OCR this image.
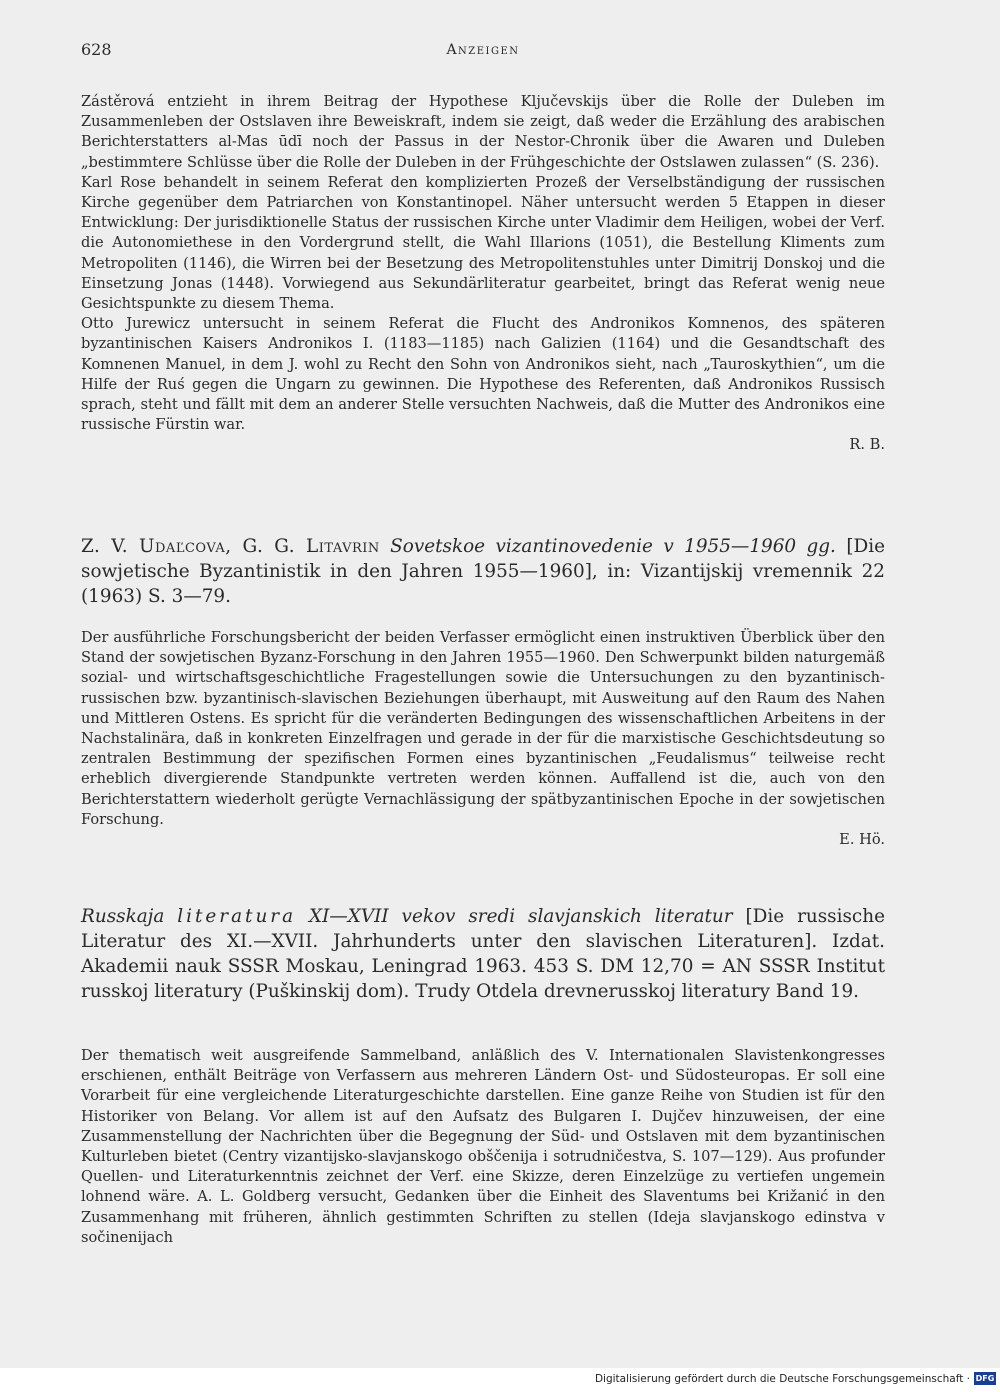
628	Anzeigen

Zástěrová entzieht in ihrem Beitrag der Hypothese Ključevskijs über die Rolle der Duleben im Zusammenleben der Ostslaven ihre Beweiskraft, indem sie zeigt, daß weder die Erzählung des arabischen Berichterstatters al-Mas ūdī noch der Passus in der Nestor-Chronik über die Awaren und Duleben „bestimmtere Schlüsse über die Rolle der Duleben in der Frühgeschichte der Ostslawen zulassen“ (S. 236).

Karl Rose behandelt in seinem Referat den komplizierten Prozeß der Verselbständigung der russischen Kirche gegenüber dem Patriarchen von Konstantinopel. Näher untersucht werden 5 Etappen in dieser Entwicklung: Der jurisdiktionelle Status der russischen Kirche unter Vladimir dem Heiligen, wobei der Verf. die Autonomiethese in den Vordergrund stellt, die Wahl Illarions (1051), die Bestellung Kliments zum Metropoliten (1146), die Wirren bei der Besetzung des Metropolitenstuhles unter Dimitrij Donskoj und die Einsetzung Jonas (1448). Vorwiegend aus Sekundärliteratur gearbeitet, bringt das Referat wenig neue Gesichtspunkte zu diesem Thema.

Otto Jurewicz untersucht in seinem Referat die Flucht des Andronikos Komnenos, des späteren byzantinischen Kaisers Andronikos I. (1183—1185) nach Galizien (1164) und die Gesandtschaft des Komnenen Manuel, in dem J. wohl zu Recht den Sohn von Andronikos sieht, nach „Tauroskythien“, um die Hilfe der Ruś gegen die Ungarn zu gewinnen. Die Hypothese des Referenten, daß Andronikos Russisch sprach, steht und fällt mit dem an anderer Stelle versuchten Nachweis, daß die Mutter des Andronikos eine russische Fürstin war.

R. B.

Z. V. Udaľcova, G. G. Litavrin Sovetskoe vizantinovedenie v 1955—1960 gg. [Die sowjetische Byzantinistik in den Jahren 1955—1960], in: Vizantijskij vremennik 22 (1963) S. 3—79.

Der ausführliche Forschungsbericht der beiden Verfasser ermöglicht einen instruktiven Überblick über den Stand der sowjetischen Byzanz-Forschung in den Jahren 1955—1960. Den Schwerpunkt bilden naturgemäß sozial- und wirtschaftsgeschichtliche Fragestellungen sowie die Untersuchungen zu den byzantinisch-russischen bzw. byzantinisch-slavischen Beziehungen überhaupt, mit Ausweitung auf den Raum des Nahen und Mittleren Ostens. Es spricht für die veränderten Bedingungen des wissenschaftlichen Arbeitens in der Nachstalinära, daß in konkreten Einzelfragen und gerade in der für die marxistische Geschichtsdeutung so zentralen Bestimmung der spezifischen Formen eines byzantinischen „Feudalismus“ teilweise recht erheblich divergierende Standpunkte vertreten werden können. Auffallend ist die, auch von den Berichterstattern wiederholt gerügte Vernachlässigung der spätbyzantinischen Epoche in der sowjetischen Forschung.

E. Hö.

Russkaja literatura XI—XVII vekov sredi slavjanskich literatur [Die russische Literatur des XI.—XVII. Jahrhunderts unter den slavischen Literaturen]. Izdat. Akademii nauk SSSR Moskau, Leningrad 1963. 453 S. DM 12,70 = AN SSSR Institut russkoj literatury (Puškinskij dom). Trudy Otdela drevnerusskoj literatury Band 19.

Der thematisch weit ausgreifende Sammelband, anläßlich des V. Internationalen Slavistenkongresses erschienen, enthält Beiträge von Verfassern aus mehreren Ländern Ost- und Südosteuropas. Er soll eine Vorarbeit für eine vergleichende Literaturgeschichte darstellen. Eine ganze Reihe von Studien ist für den Historiker von Belang. Vor allem ist auf den Aufsatz des Bulgaren I. Dujčev hinzuweisen, der eine Zusammenstellung der Nachrichten über die Begegnung der Süd- und Ostslaven mit dem byzantinischen Kulturleben bietet (Centry vizantijsko-slavjanskogo obščenija i sotrudničestva, S. 107—129). Aus profunder Quellen- und Literaturkenntnis zeichnet der Verf. eine Skizze, deren Einzelzüge zu vertiefen ungemein lohnend wäre. A. L. Goldberg versucht, Gedanken über die Einheit des Slaventums bei Križanić in den Zusammenhang mit früheren, ähnlich gestimmten Schriften zu stellen (Ideja slavjanskogo edinstva v sočinenijach

Digitalisierung gefördert durch die Deutsche Forschungsgemeinschaft · DFG
